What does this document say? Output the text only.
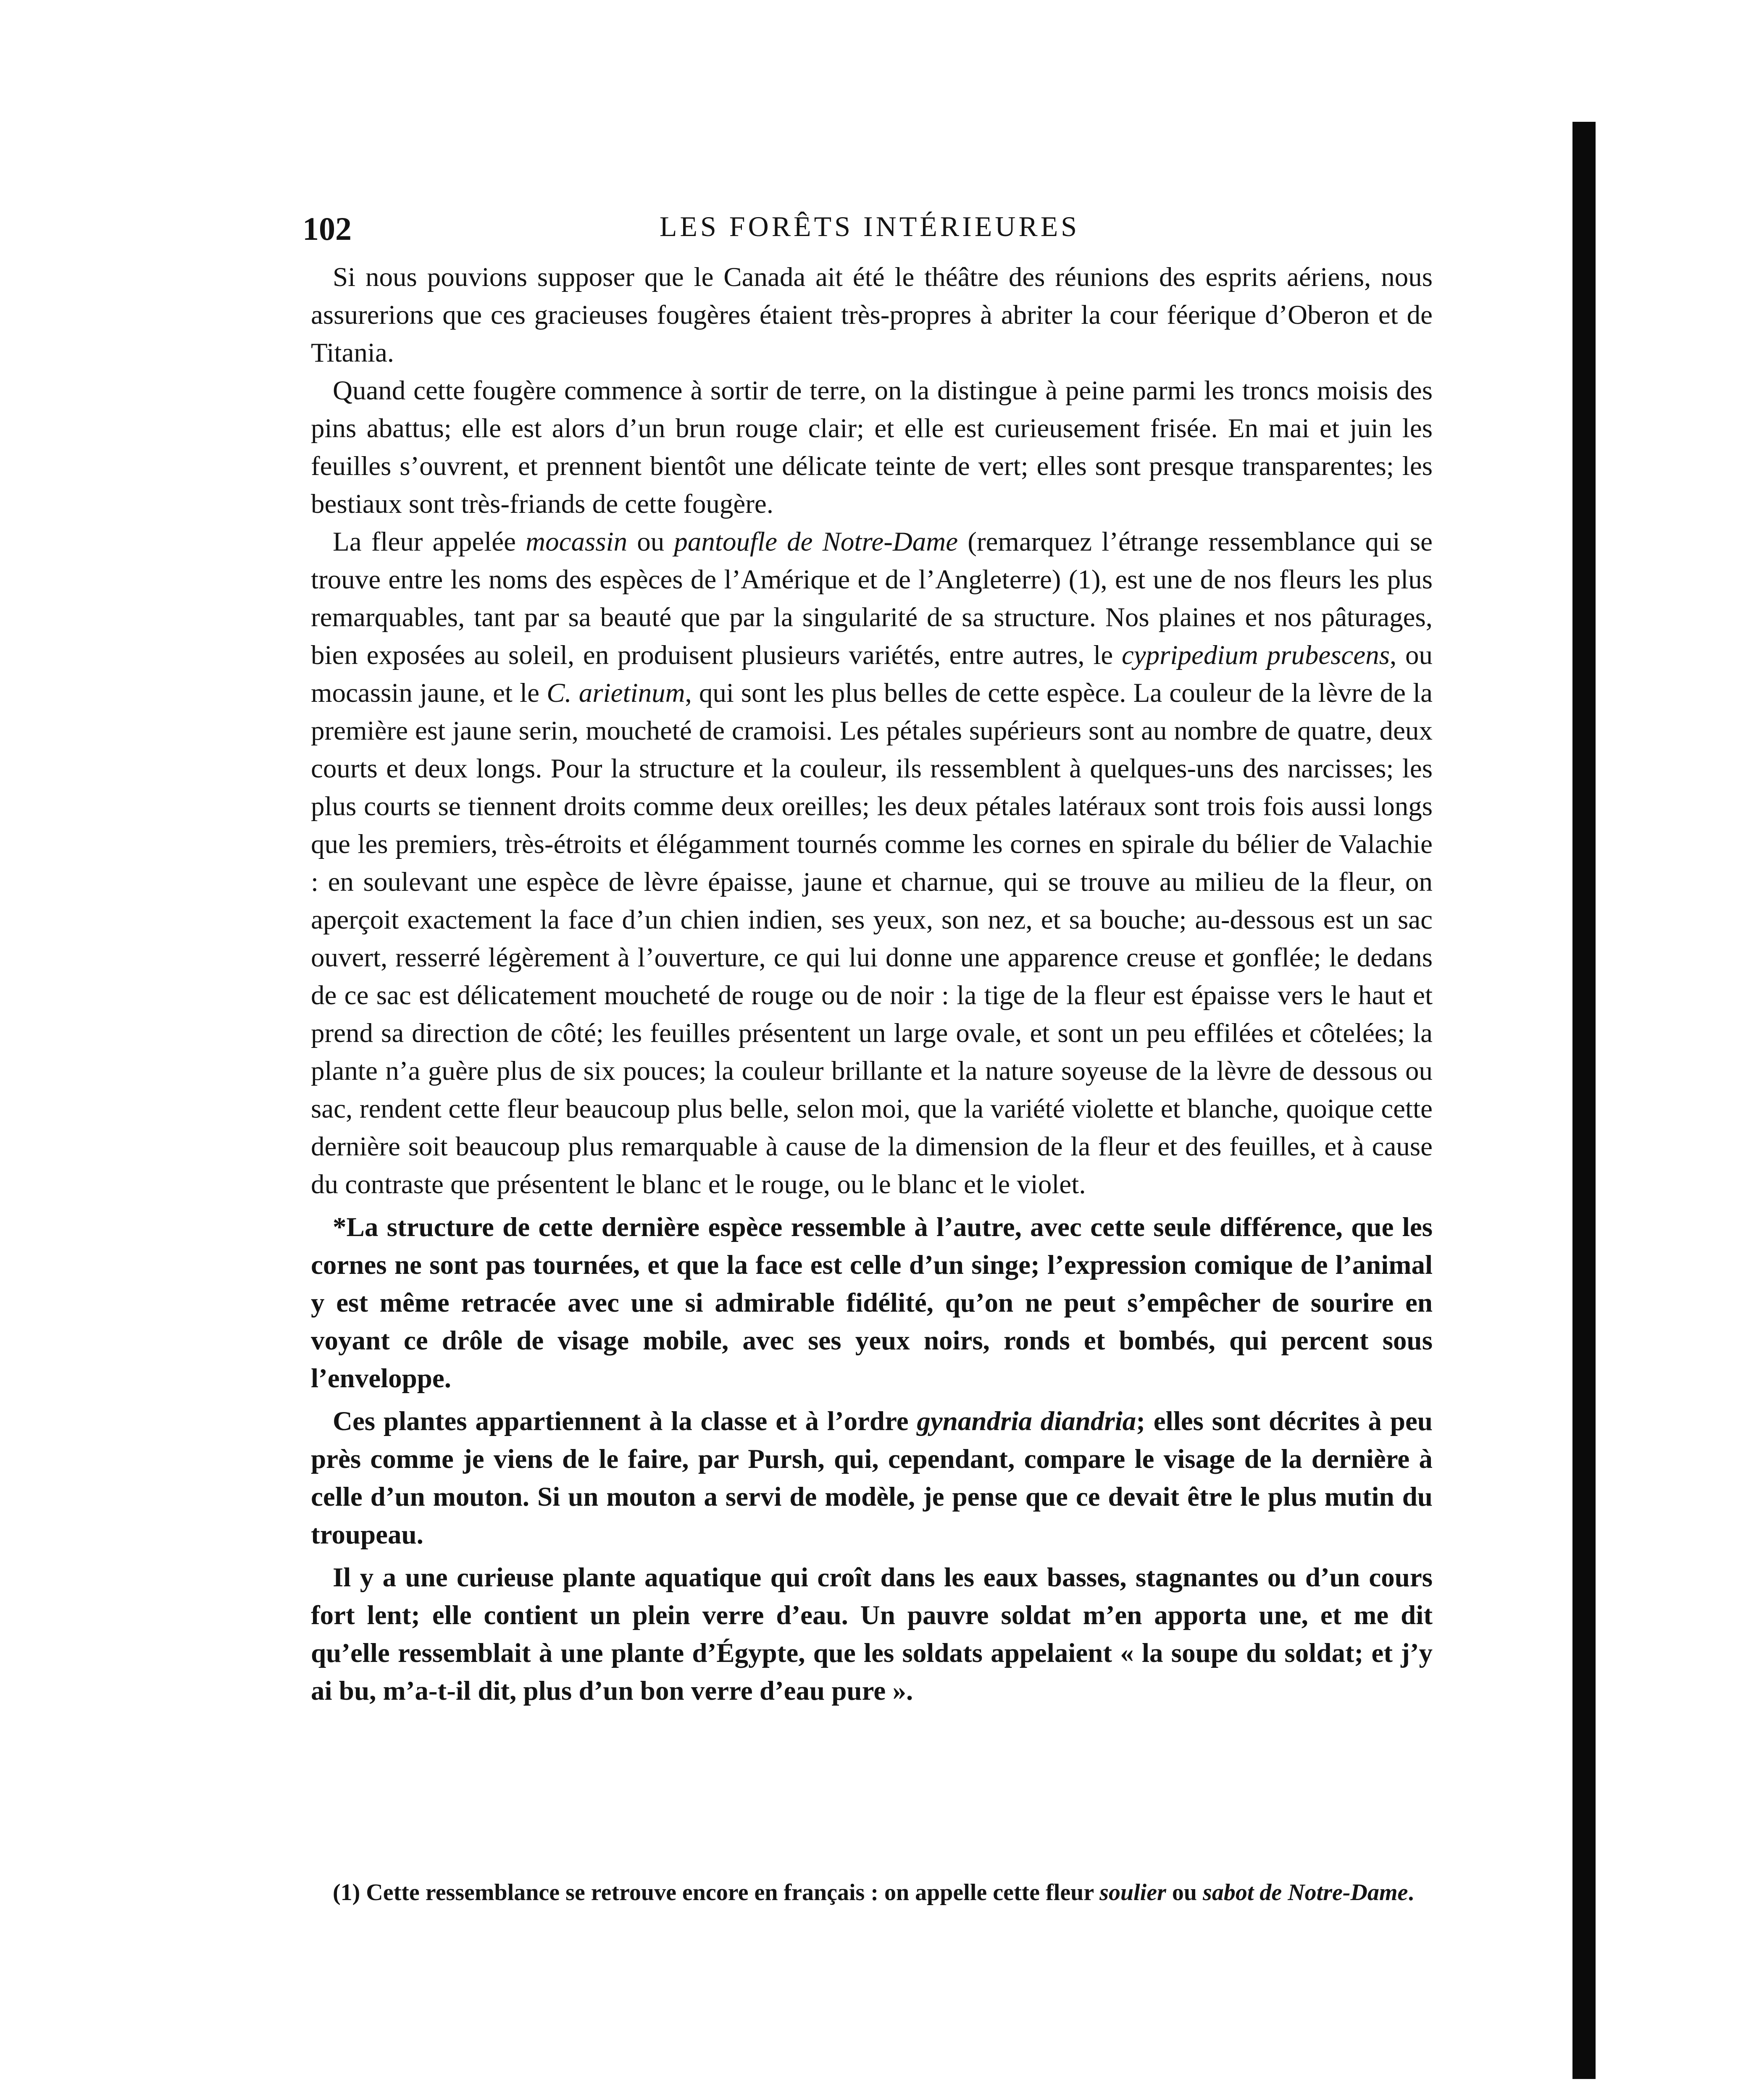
102	LES FORÊTS INTÉRIEURES

Si nous pouvions supposer que le Canada ait été le théâtre des réunions des esprits aériens, nous assurerions que ces gracieuses fougères étaient très-propres à abriter la cour féerique d’Oberon et de Titania.

Quand cette fougère commence à sortir de terre, on la distingue à peine parmi les troncs moisis des pins abattus; elle est alors d’un brun rouge clair; et elle est curieusement frisée. En mai et juin les feuilles s’ouvrent, et prennent bientôt une délicate teinte de vert; elles sont presque transparentes; les bestiaux sont très-friands de cette fougère.

La fleur appelée mocassin ou pantoufle de Notre-Dame (remarquez l’étrange ressemblance qui se trouve entre les noms des espèces de l’Amérique et de l’Angleterre) (1), est une de nos fleurs les plus remarquables, tant par sa beauté que par la singularité de sa structure. Nos plaines et nos pâturages, bien exposées au soleil, en produisent plusieurs variétés, entre autres, le cypripedium prubescens, ou mocassin jaune, et le C. arietinum, qui sont les plus belles de cette espèce. La couleur de la lèvre de la première est jaune serin, moucheté de cramoisi. Les pétales supérieurs sont au nombre de quatre, deux courts et deux longs. Pour la structure et la couleur, ils ressemblent à quelques-uns des narcisses; les plus courts se tiennent droits comme deux oreilles; les deux pétales latéraux sont trois fois aussi longs que les premiers, très-étroits et élégamment tournés comme les cornes en spirale du bélier de Valachie : en soulevant une espèce de lèvre épaisse, jaune et charnue, qui se trouve au milieu de la fleur, on aperçoit exactement la face d’un chien indien, ses yeux, son nez, et sa bouche; au-dessous est un sac ouvert, resserré légèrement à l’ouverture, ce qui lui donne une apparence creuse et gonflée; le dedans de ce sac est délicatement moucheté de rouge ou de noir : la tige de la fleur est épaisse vers le haut et prend sa direction de côté; les feuilles présentent un large ovale, et sont un peu effilées et côtelées; la plante n’a guère plus de six pouces; la couleur brillante et la nature soyeuse de la lèvre de dessous ou sac, rendent cette fleur beaucoup plus belle, selon moi, que la variété violette et blanche, quoique cette dernière soit beaucoup plus remarquable à cause de la dimension de la fleur et des feuilles, et à cause du contraste que présentent le blanc et le rouge, ou le blanc et le violet.

*La structure de cette dernière espèce ressemble à l’autre, avec cette seule différence, que les cornes ne sont pas tournées, et que la face est celle d’un singe; l’expression comique de l’animal y est même retracée avec une si admirable fidélité, qu’on ne peut s’empêcher de sourire en voyant ce drôle de visage mobile, avec ses yeux noirs, ronds et bombés, qui percent sous l’enveloppe.

Ces plantes appartiennent à la classe et à l’ordre gynandria diandria; elles sont décrites à peu près comme je viens de le faire, par Pursh, qui, cependant, compare le visage de la dernière à celle d’un mouton. Si un mouton a servi de modèle, je pense que ce devait être le plus mutin du troupeau.

Il y a une curieuse plante aquatique qui croît dans les eaux basses, stagnantes ou d’un cours fort lent; elle contient un plein verre d’eau. Un pauvre soldat m’en apporta une, et me dit qu’elle ressemblait à une plante d’Égypte, que les soldats appelaient « la soupe du soldat; et j’y ai bu, m’a-t-il dit, plus d’un bon verre d’eau pure ».

(1) Cette ressemblance se retrouve encore en français : on appelle cette fleur soulier ou sabot de Notre-Dame.
